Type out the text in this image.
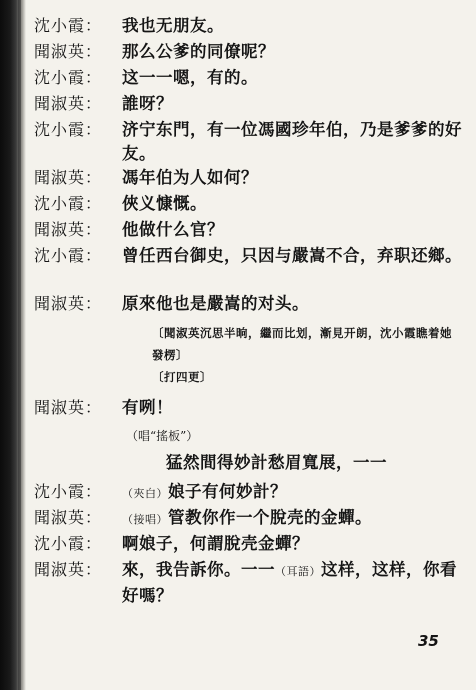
沈小霞：	我也无朋友。
聞淑英：	那么公爹的同僚呢？
沈小霞：	这一一嗯，有的。
聞淑英：	誰呀？
沈小霞：	济宁东門，有一位馮國珍年伯，乃是爹爹的好友。
聞淑英：	馮年伯为人如何？
沈小霞：	俠义慷慨。
聞淑英：	他做什么官？
沈小霞：	曾任西台御史，只因与嚴嵩不合，弃职还鄉。
聞淑英：	原來他也是嚴嵩的对头。
〔聞淑英沉思半晌，繼而比划，漸見开朗，沈小霞瞧着她發楞〕
〔打四更〕
聞淑英：	有咧！
（唱“搖板”）
猛然間得妙計愁眉寬展，一一
沈小霞：	（夾白）娘子有何妙計？
聞淑英：	（接唱）管教你作一个脫壳的金蟬。
沈小霞：	啊娘子，何謂脫壳金蟬？
聞淑英：	來，我告訴你。一一（耳語）这样，这样，你看好嗎？
35
